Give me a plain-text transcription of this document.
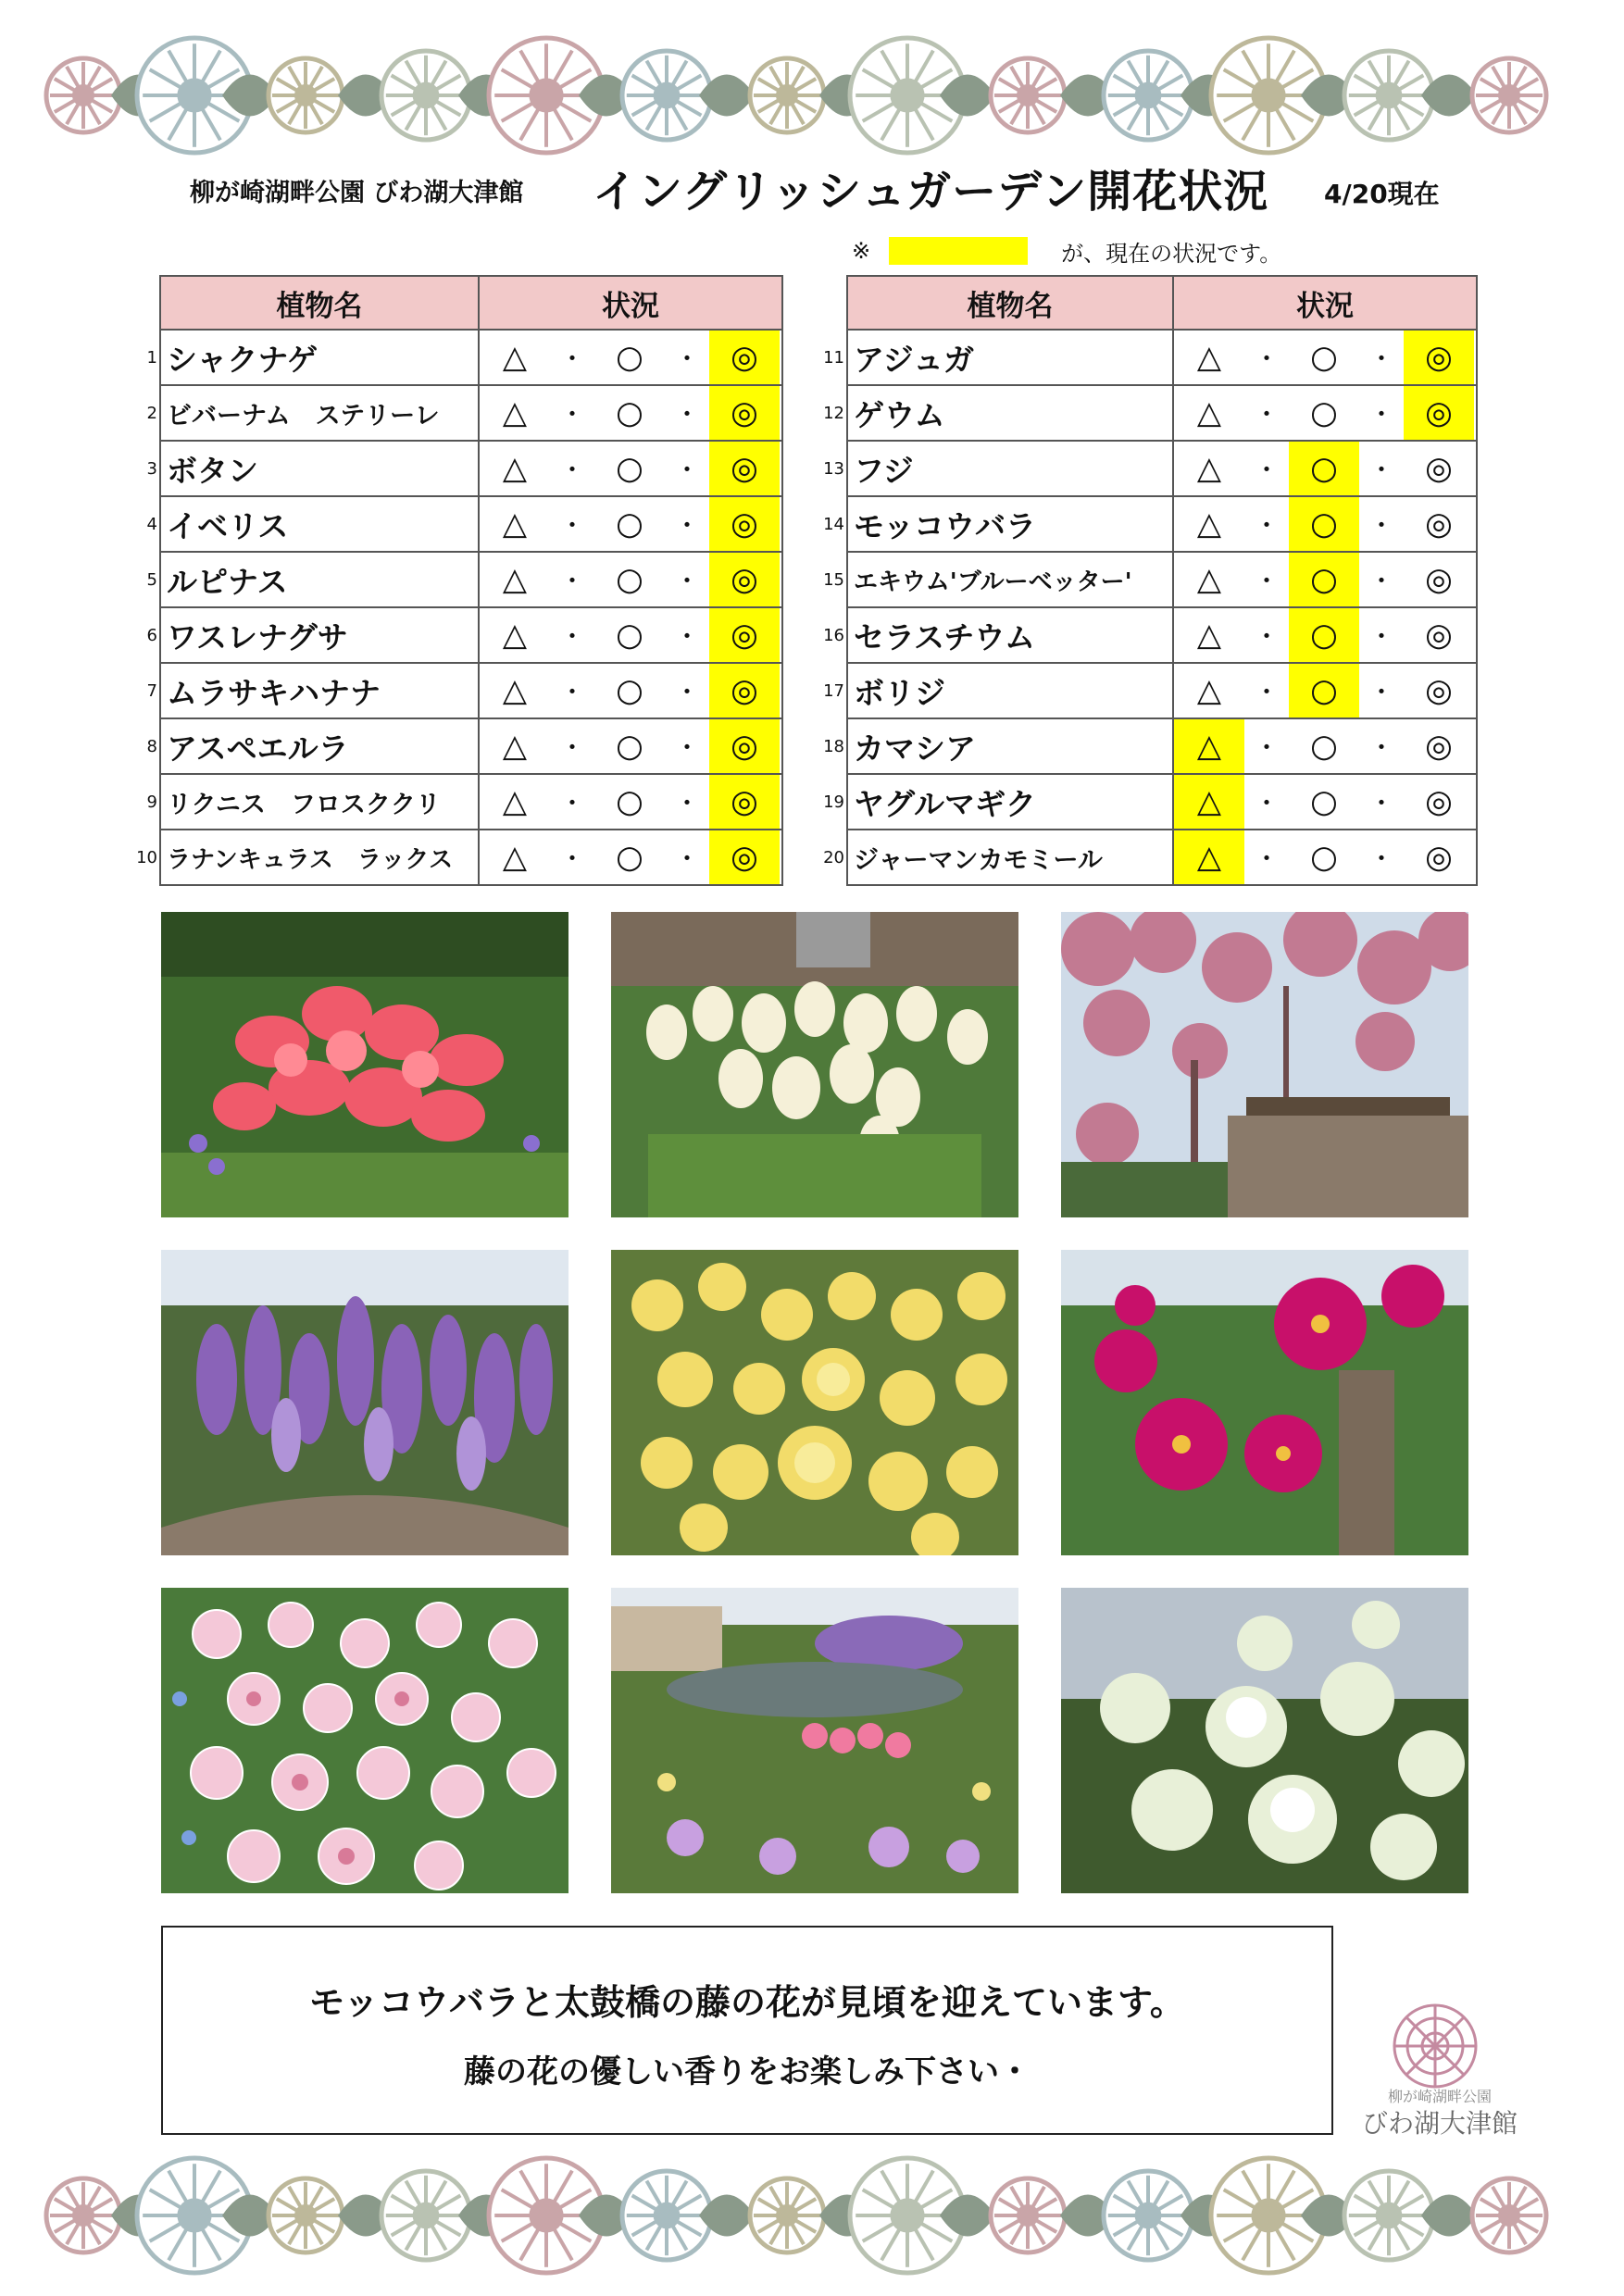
柳が崎湖畔公園 びわ湖大津館 イングリッシュガーデン開花状況 4/20現在
※	が、現在の状況です。
	植物名	状況
1	シャクナゲ	△ ・ ○ ・ ◎

2	ビバーナム　ステリーレ	△ ・ ○ ・ ◎

3	ボタン	△ ・ ○ ・ ◎

4	イベリス	△ ・ ○ ・ ◎

5	ルピナス	△ ・ ○ ・ ◎

6	ワスレナグサ	△ ・ ○ ・ ◎

7	ムラサキハナナ	△ ・ ○ ・ ◎

8	アスペエルラ	△ ・ ○ ・ ◎

9	リクニス　フロスククリ	△ ・ ○ ・ ◎

10	ラナンキュラス　ラックス	△ ・ ○ ・ ◎
	植物名	状況
11	アジュガ	△ ・ ○ ・ ◎

12	ゲウム	△ ・ ○ ・ ◎

13	フジ	△ ・ ○ ・ ◎

14	モッコウバラ	△ ・ ○ ・ ◎

15	エキウム'ブルーベッター'	△ ・ ○ ・ ◎

16	セラスチウム	△ ・ ○ ・ ◎

17	ボリジ	△ ・ ○ ・ ◎

18	カマシア	△ ・ ○ ・ ◎

19	ヤグルマギク	△ ・ ○ ・ ◎

20	ジャーマンカモミール	△ ・ ○ ・ ◎
モッコウバラと太鼓橋の藤の花が見頃を迎えています。
藤の花の優しい香りをお楽しみ下さい・
柳が崎湖畔公園
びわ湖大津館
